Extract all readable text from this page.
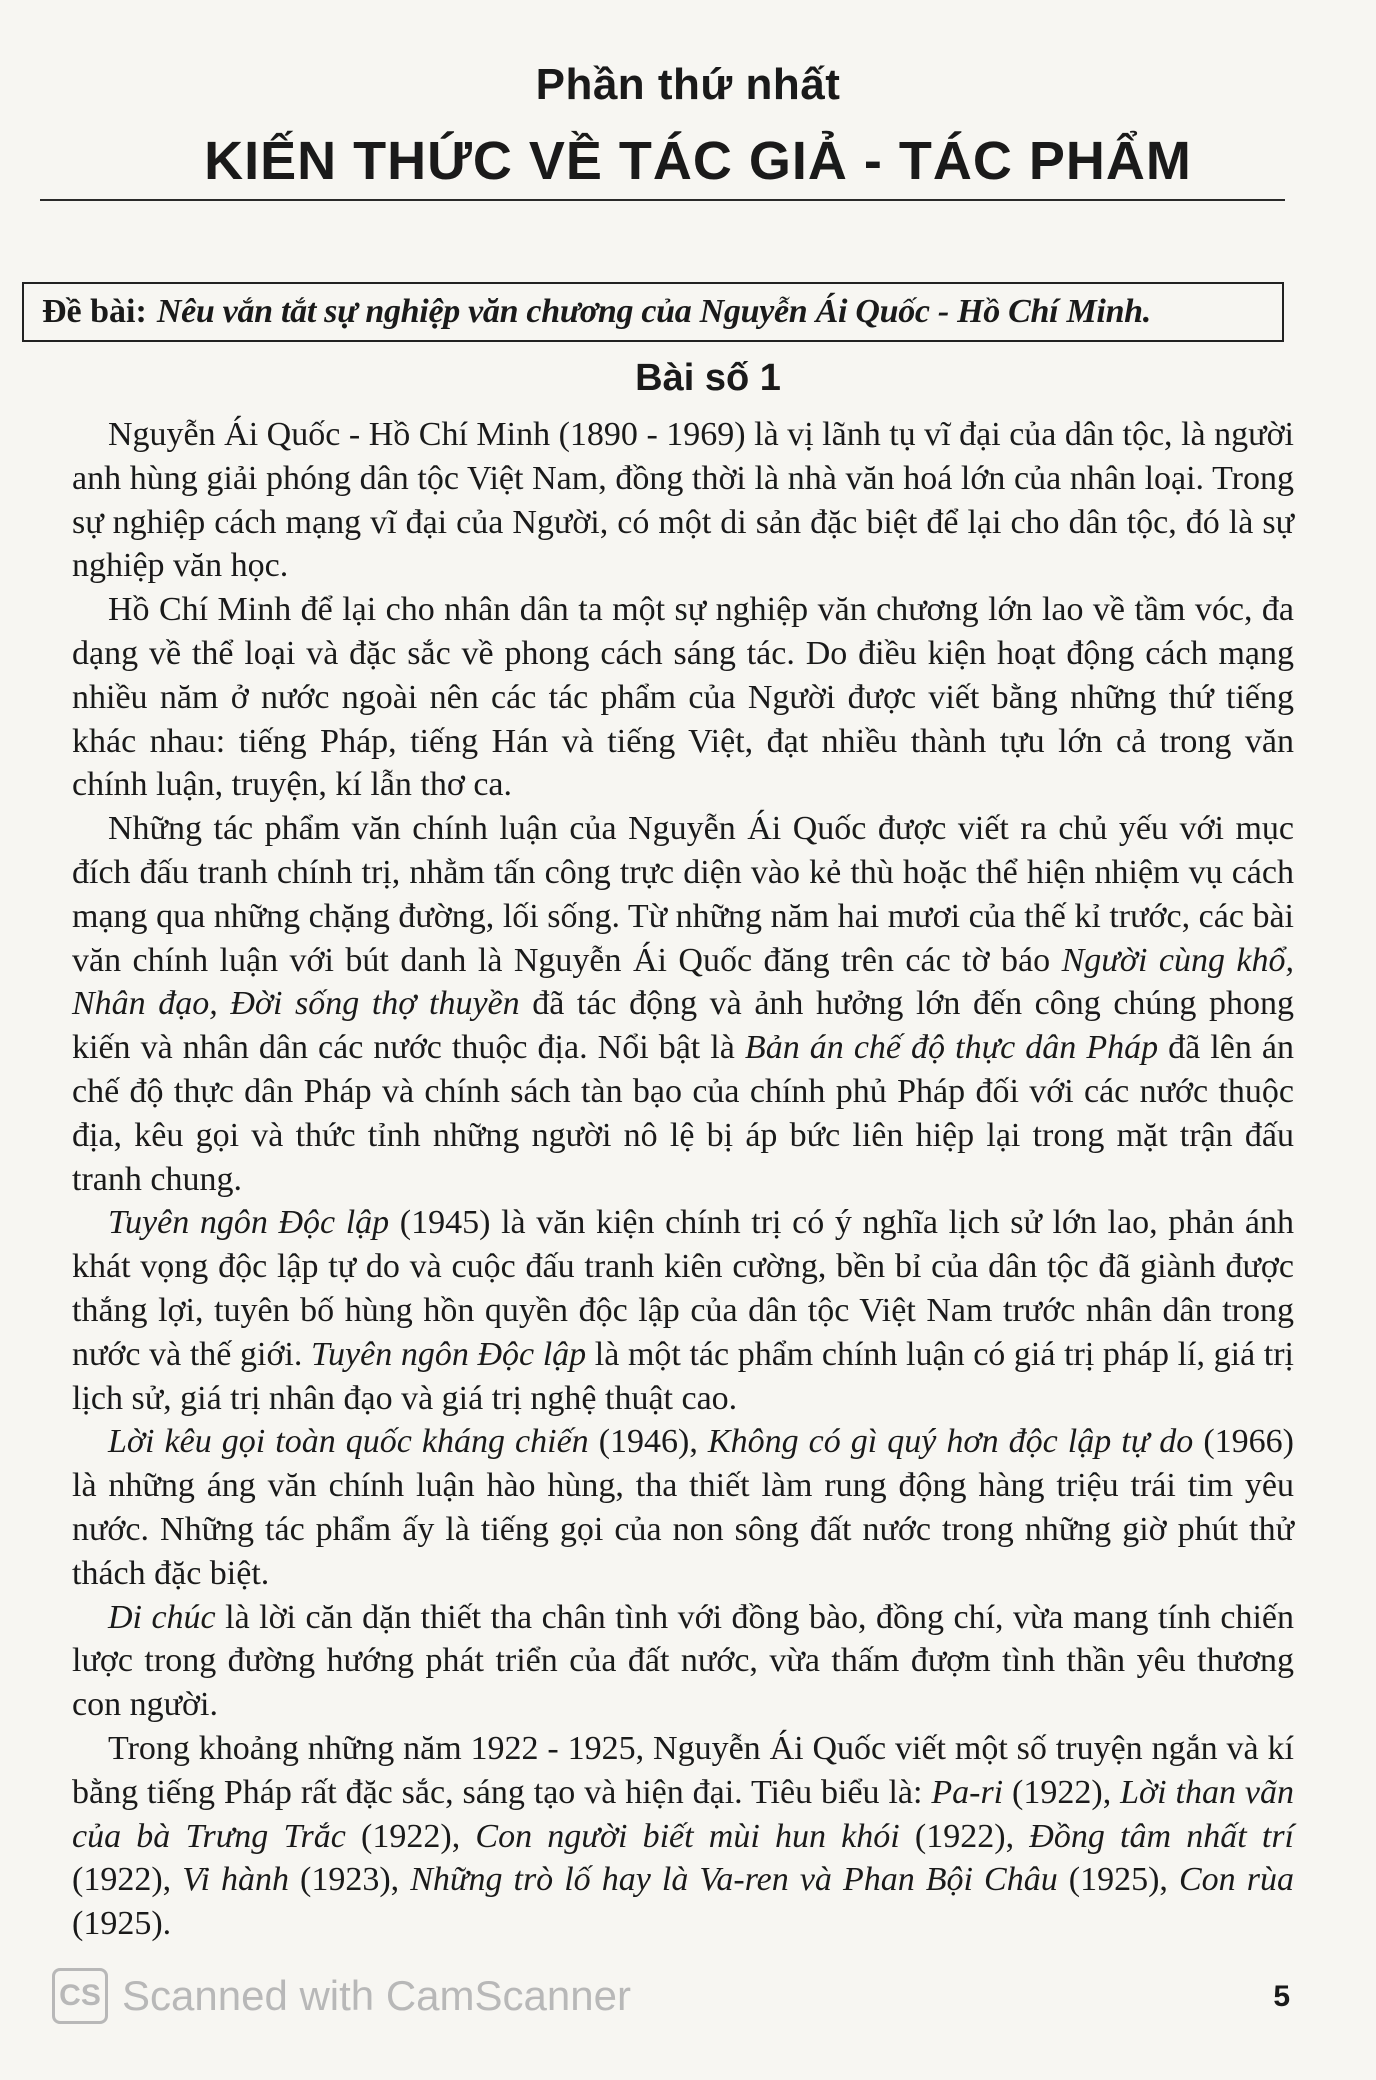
Phần thứ nhất
KIẾN THỨC VỀ TÁC GIẢ - TÁC PHẨM
Đề bài: Nêu vắn tắt sự nghiệp văn chương của Nguyễn Ái Quốc - Hồ Chí Minh.
Bài số 1

Nguyễn Ái Quốc - Hồ Chí Minh (1890 - 1969) là vị lãnh tụ vĩ đại của dân tộc, là người anh hùng giải phóng dân tộc Việt Nam, đồng thời là nhà văn hoá lớn của nhân loại. Trong sự nghiệp cách mạng vĩ đại của Người, có một di sản đặc biệt để lại cho dân tộc, đó là sự nghiệp văn học.

Hồ Chí Minh để lại cho nhân dân ta một sự nghiệp văn chương lớn lao về tầm vóc, đa dạng về thể loại và đặc sắc về phong cách sáng tác. Do điều kiện hoạt động cách mạng nhiều năm ở nước ngoài nên các tác phẩm của Người được viết bằng những thứ tiếng khác nhau: tiếng Pháp, tiếng Hán và tiếng Việt, đạt nhiều thành tựu lớn cả trong văn chính luận, truyện, kí lẫn thơ ca.

Những tác phẩm văn chính luận của Nguyễn Ái Quốc được viết ra chủ yếu với mục đích đấu tranh chính trị, nhằm tấn công trực diện vào kẻ thù hoặc thể hiện nhiệm vụ cách mạng qua những chặng đường, lối sống. Từ những năm hai mươi của thế kỉ trước, các bài văn chính luận với bút danh là Nguyễn Ái Quốc đăng trên các tờ báo Người cùng khổ, Nhân đạo, Đời sống thợ thuyền đã tác động và ảnh hưởng lớn đến công chúng phong kiến và nhân dân các nước thuộc địa. Nổi bật là Bản án chế độ thực dân Pháp đã lên án chế độ thực dân Pháp và chính sách tàn bạo của chính phủ Pháp đối với các nước thuộc địa, kêu gọi và thức tỉnh những người nô lệ bị áp bức liên hiệp lại trong mặt trận đấu tranh chung.

Tuyên ngôn Độc lập (1945) là văn kiện chính trị có ý nghĩa lịch sử lớn lao, phản ánh khát vọng độc lập tự do và cuộc đấu tranh kiên cường, bền bỉ của dân tộc đã giành được thắng lợi, tuyên bố hùng hồn quyền độc lập của dân tộc Việt Nam trước nhân dân trong nước và thế giới. Tuyên ngôn Độc lập là một tác phẩm chính luận có giá trị pháp lí, giá trị lịch sử, giá trị nhân đạo và giá trị nghệ thuật cao.

Lời kêu gọi toàn quốc kháng chiến (1946), Không có gì quý hơn độc lập tự do (1966) là những áng văn chính luận hào hùng, tha thiết làm rung động hàng triệu trái tim yêu nước. Những tác phẩm ấy là tiếng gọi của non sông đất nước trong những giờ phút thử thách đặc biệt.

Di chúc là lời căn dặn thiết tha chân tình với đồng bào, đồng chí, vừa mang tính chiến lược trong đường hướng phát triển của đất nước, vừa thấm đượm tình thần yêu thương con người.

Trong khoảng những năm 1922 - 1925, Nguyễn Ái Quốc viết một số truyện ngắn và kí bằng tiếng Pháp rất đặc sắc, sáng tạo và hiện đại. Tiêu biểu là: Pa-ri (1922), Lời than vãn của bà Trưng Trắc (1922), Con người biết mùi hun khói (1922), Đồng tâm nhất trí (1922), Vi hành (1923), Những trò lố hay là Va-ren và Phan Bội Châu (1925), Con rùa (1925).

CS Scanned with CamScanner	5
